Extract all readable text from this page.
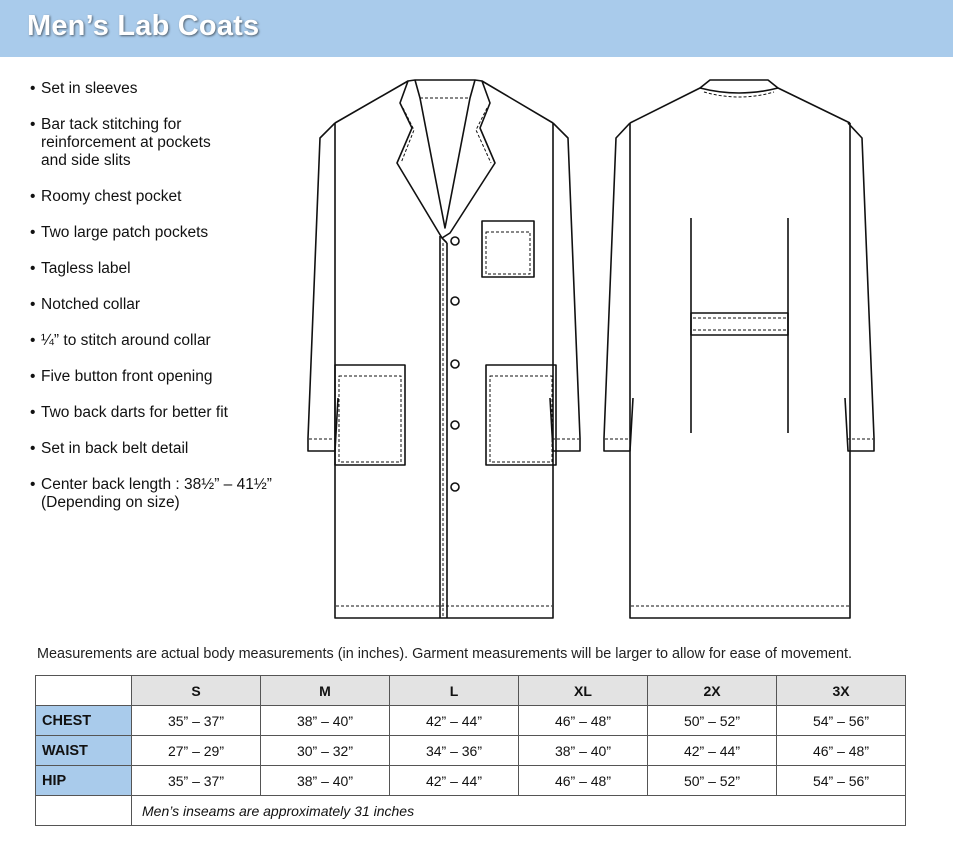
Men’s Lab Coats
• Set in sleeves
• Bar tack stitching for reinforcement at pockets and side slits
• Roomy chest pocket
• Two large patch pockets
• Tagless label
• Notched collar
• ¼” to stitch around collar
• Five button front opening
• Two back darts for better fit
• Set in back belt detail
• Center back length : 38½” – 41½” (Depending on size)
Measurements are actual body measurements (in inches). Garment measurements will be larger to allow for ease of movement.
	S	M	L	XL	2X	3X
CHEST	35” – 37”	38” – 40”	42” – 44”	46” – 48”	50” – 52”	54” – 56”
WAIST	27” – 29”	30” – 32”	34” – 36”	38” – 40”	42” – 44”	46” – 48”
HIP	35” – 37”	38” – 40”	42” – 44”	46” – 48”	50” – 52”	54” – 56”
	Men’s inseams are approximately 31 inches					
